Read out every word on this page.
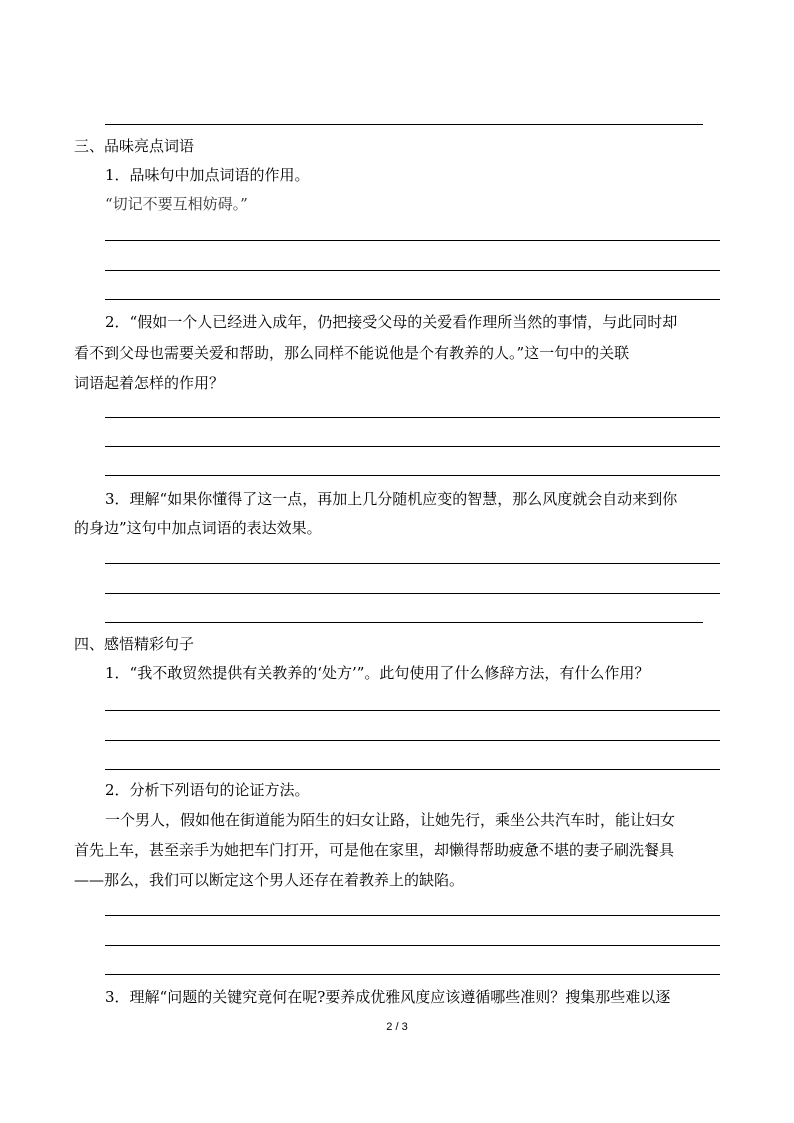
三、品味亮点词语
1．品味句中加点词语的作用。
“切记不要互相妨碍。”
2．“假如一个人已经进入成年，仍把接受父母的关爱看作理所当然的事情，与此同时却
看不到父母也需要关爱和帮助，那么同样不能说他是个有教养的人。”这一句中的关联
词语起着怎样的作用？
3．理解“如果你懂得了这一点，再加上几分随机应变的智慧，那么风度就会自动来到你
的身边”这句中加点词语的表达效果。
四、感悟精彩句子
1．“我不敢贸然提供有关教养的‘处方’”。此句使用了什么修辞方法，有什么作用？
2．分析下列语句的论证方法。
一个男人，假如他在街道能为陌生的妇女让路，让她先行，乘坐公共汽车时，能让妇女
首先上车，甚至亲手为她把车门打开，可是他在家里，却懒得帮助疲惫不堪的妻子刷洗餐具
——那么，我们可以断定这个男人还存在着教养上的缺陷。
3．理解“问题的关键究竟何在呢?要养成优雅风度应该遵循哪些准则？搜集那些难以逐
2 / 3
